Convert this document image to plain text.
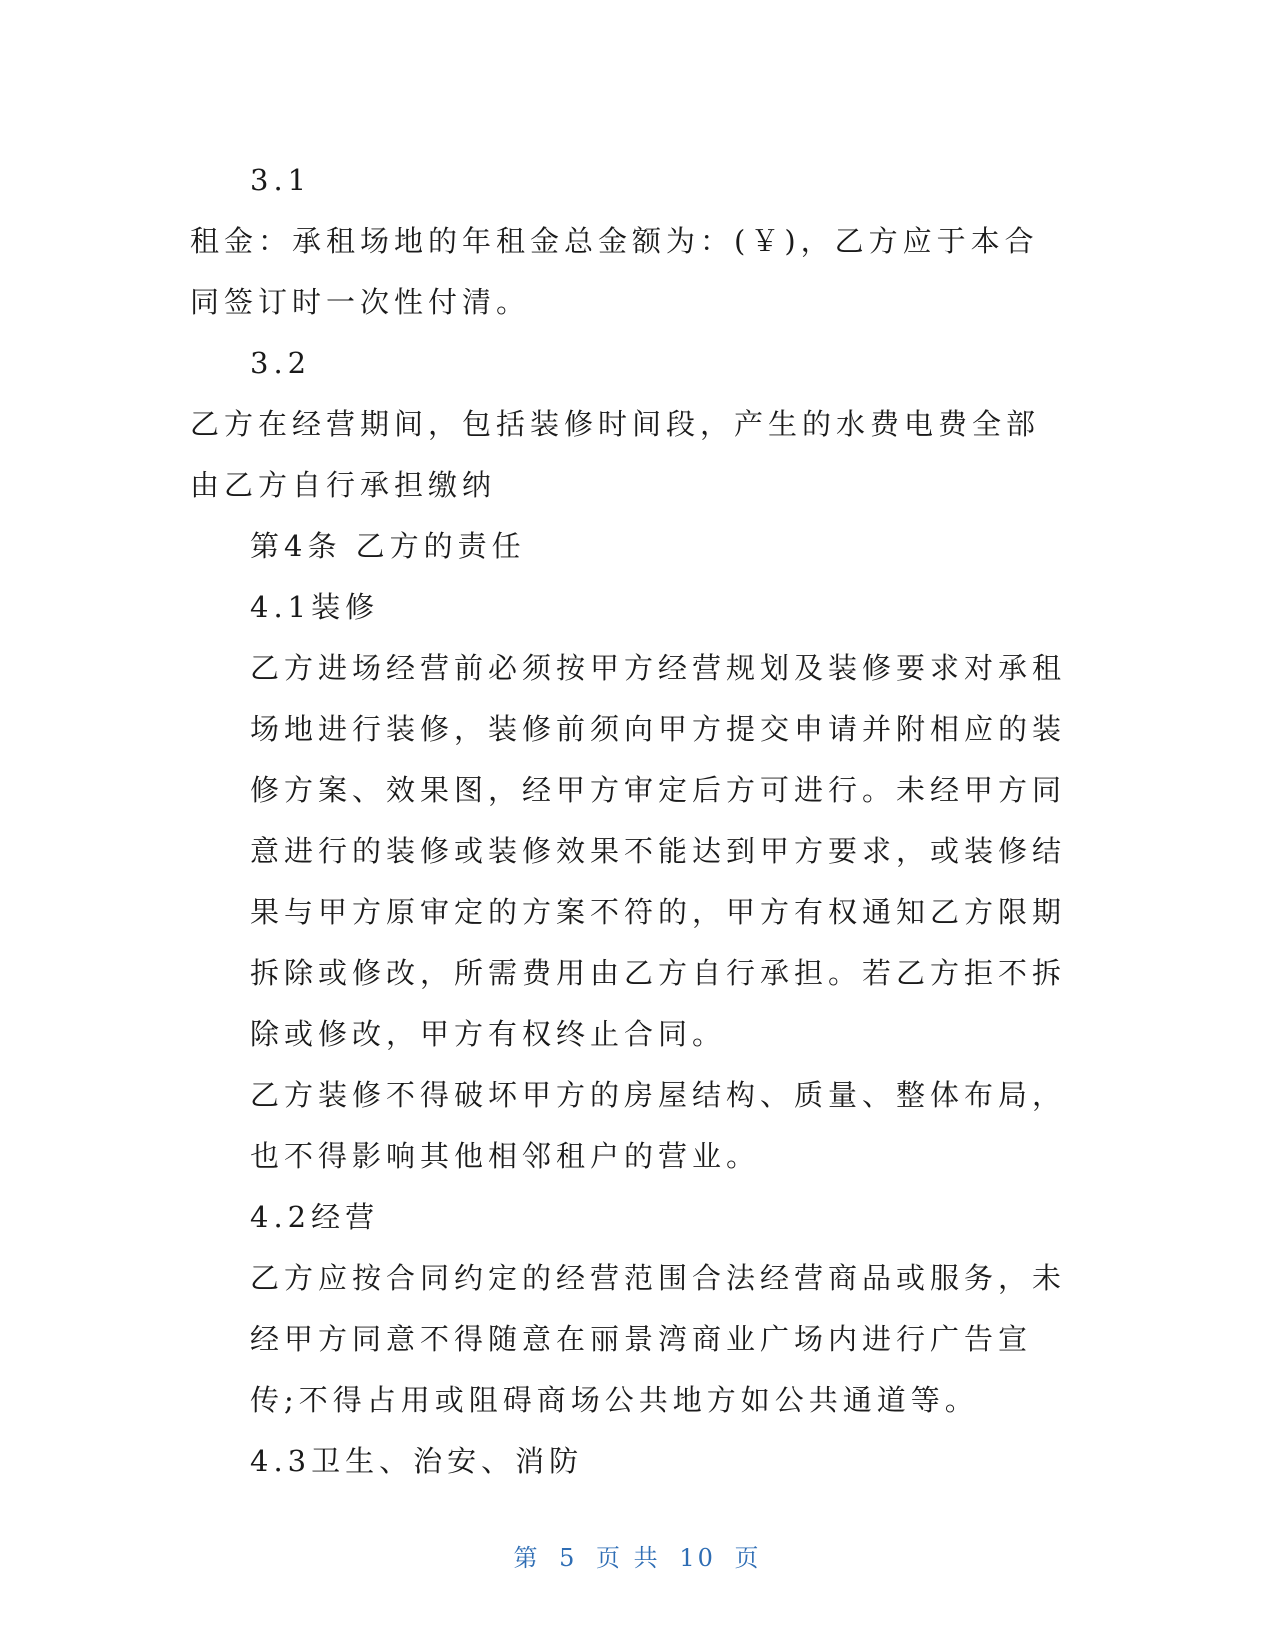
3.1

租金：承租场地的年租金总金额为：(￥)，乙方应于本合同签订时一次性付清。

3.2

乙方在经营期间，包括装修时间段，产生的水费电费全部由乙方自行承担缴纳

第4条 乙方的责任

4.1装修

乙方进场经营前必须按甲方经营规划及装修要求对承租场地进行装修，装修前须向甲方提交申请并附相应的装修方案、效果图，经甲方审定后方可进行。未经甲方同意进行的装修或装修效果不能达到甲方要求，或装修结果与甲方原审定的方案不符的，甲方有权通知乙方限期拆除或修改，所需费用由乙方自行承担。若乙方拒不拆除或修改，甲方有权终止合同。

乙方装修不得破坏甲方的房屋结构、质量、整体布局，也不得影响其他相邻租户的营业。

4.2经营

乙方应按合同约定的经营范围合法经营商品或服务，未经甲方同意不得随意在丽景湾商业广场内进行广告宣传;不得占用或阻碍商场公共地方如公共通道等。

4.3卫生、治安、消防

第 5 页 共 10 页
